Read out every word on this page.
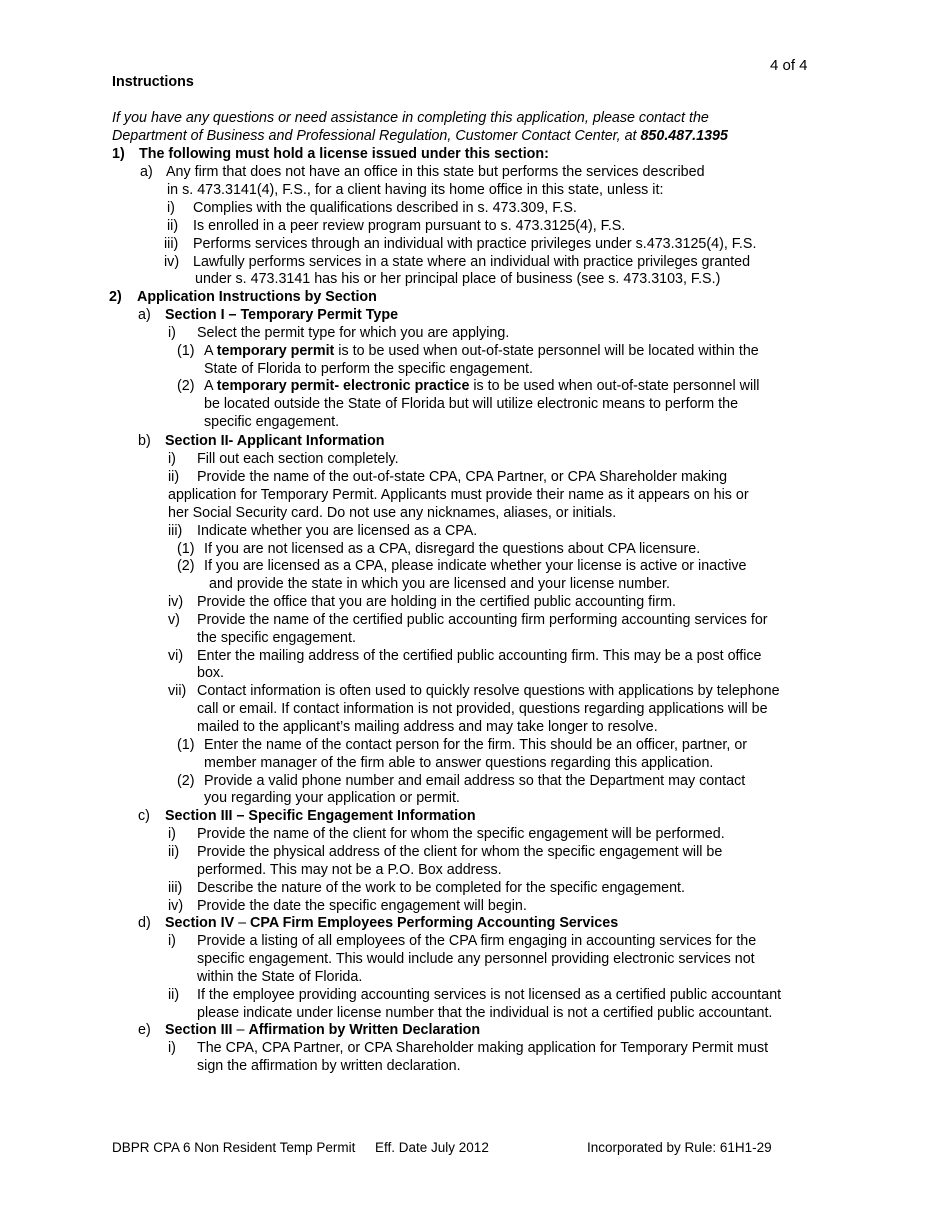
4 of 4
Instructions
If you have any questions or need assistance in completing this application, please contact the
Department of Business and Professional Regulation, Customer Contact Center, at 850.487.1395
1) The following must hold a license issued under this section:
a) Any firm that does not have an office in this state but performs the services described
in s. 473.3141(4), F.S., for a client having its home office in this state, unless it:
i) Complies with the qualifications described in s. 473.309, F.S.
ii) Is enrolled in a peer review program pursuant to s. 473.3125(4), F.S.
iii) Performs services through an individual with practice privileges under s.473.3125(4), F.S.
iv) Lawfully performs services in a state where an individual with practice privileges granted
under s. 473.3141 has his or her principal place of business (see s. 473.3103, F.S.)
2) Application Instructions by Section
a) Section I – Temporary Permit Type
i) Select the permit type for which you are applying.
(1) A temporary permit is to be used when out-of-state personnel will be located within the
State of Florida to perform the specific engagement.
(2) A temporary permit- electronic practice is to be used when out-of-state personnel will
be located outside the State of Florida but will utilize electronic means to perform the
specific engagement.
b) Section II- Applicant Information
i) Fill out each section completely.
ii) Provide the name of the out-of-state CPA, CPA Partner, or CPA Shareholder making
application for Temporary Permit. Applicants must provide their name as it appears on his or
her Social Security card. Do not use any nicknames, aliases, or initials.
iii) Indicate whether you are licensed as a CPA.
(1) If you are not licensed as a CPA, disregard the questions about CPA licensure.
(2) If you are licensed as a CPA, please indicate whether your license is active or inactive
and provide the state in which you are licensed and your license number.
iv) Provide the office that you are holding in the certified public accounting firm.
v) Provide the name of the certified public accounting firm performing accounting services for
the specific engagement.
vi) Enter the mailing address of the certified public accounting firm. This may be a post office
box.
vii) Contact information is often used to quickly resolve questions with applications by telephone
call or email. If contact information is not provided, questions regarding applications will be
mailed to the applicant’s mailing address and may take longer to resolve.
(1) Enter the name of the contact person for the firm. This should be an officer, partner, or
member manager of the firm able to answer questions regarding this application.
(2) Provide a valid phone number and email address so that the Department may contact
you regarding your application or permit.
c) Section III – Specific Engagement Information
i) Provide the name of the client for whom the specific engagement will be performed.
ii) Provide the physical address of the client for whom the specific engagement will be
performed. This may not be a P.O. Box address.
iii) Describe the nature of the work to be completed for the specific engagement.
iv) Provide the date the specific engagement will begin.
d) Section IV – CPA Firm Employees Performing Accounting Services
i) Provide a listing of all employees of the CPA firm engaging in accounting services for the
specific engagement. This would include any personnel providing electronic services not
within the State of Florida.
ii) If the employee providing accounting services is not licensed as a certified public accountant
please indicate under license number that the individual is not a certified public accountant.
e) Section III – Affirmation by Written Declaration
i) The CPA, CPA Partner, or CPA Shareholder making application for Temporary Permit must
sign the affirmation by written declaration.
DBPR CPA 6 Non Resident Temp Permit Eff. Date July 2012	Incorporated by Rule: 61H1-29
